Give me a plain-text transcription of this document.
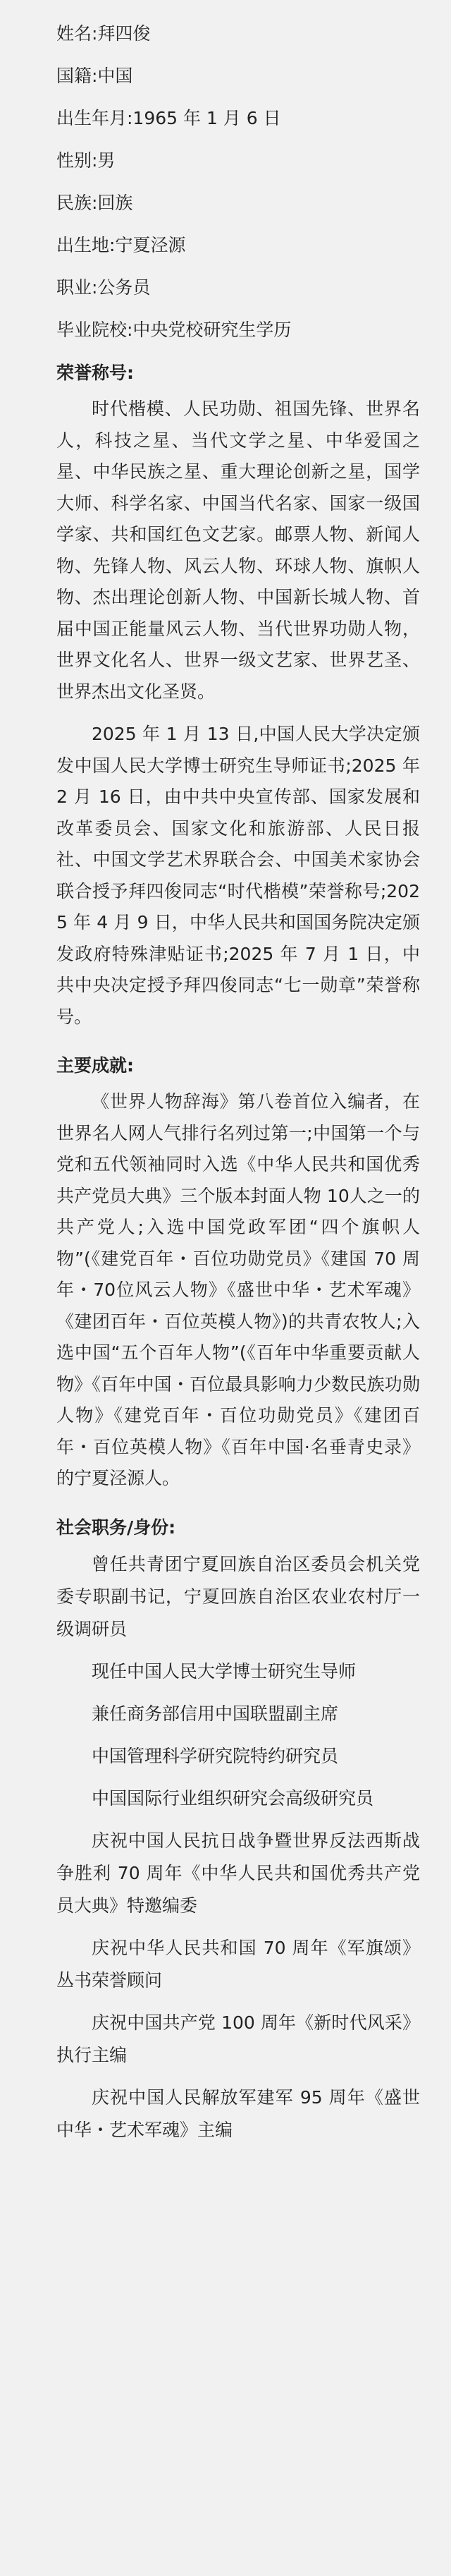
姓名:拜四俊
国籍:中国
出生年月:1965 年 1 月 6 日
性别:男
民族:回族
出生地:宁夏泾源
职业:公务员
毕业院校:中央党校研究生学历
荣誉称号:

时代楷模、人民功勋、祖国先锋、世界名人，科技之星、当代文学之星、中华爱国之星、中华民族之星、重大理论创新之星，国学大师、科学名家、中国当代名家、国家一级国学家、共和国红色文艺家。邮票人物、新闻人物、先锋人物、风云人物、环球人物、旗帜人物、杰出理论创新人物、中国新长城人物、首届中国正能量风云人物、当代世界功勋人物，世界文化名人、世界一级文艺家、世界艺圣、世界杰出文化圣贤。

2025 年 1 月 13 日,中国人民大学决定颁发中国人民大学博士研究生导师证书;2025 年 2 月 16 日，由中共中央宣传部、国家发展和改革委员会、国家文化和旅游部、人民日报社、中国文学艺术界联合会、中国美术家协会联合授予拜四俊同志“时代楷模”荣誉称号;2025 年 4 月 9 日，中华人民共和国国务院决定颁发政府特殊津贴证书;2025 年 7 月 1 日，中共中央决定授予拜四俊同志“七一勋章”荣誉称号。

主要成就:

《世界人物辞海》第八卷首位入编者，在世界名人网人气排行名列过第一;中国第一个与党和五代领袖同时入选《中华人民共和国优秀共产党员大典》三个版本封面人物 10人之一的共产党人;入选中国党政军团“四个旗帜人物”(《建党百年・百位功勋党员》《建国 70 周年・70位风云人物》《盛世中华・艺术军魂》《建团百年・百位英模人物》)的共青农牧人;入选中国“五个百年人物”(《百年中华重要贡献人物》《百年中国・百位最具影响力少数民族功勋人物》《建党百年・百位功勋党员》《建团百年・百位英模人物》《百年中国·名垂青史录》的宁夏泾源人。

社会职务/身份:

曾任共青团宁夏回族自治区委员会机关党委专职副书记，宁夏回族自治区农业农村厅一级调研员

现任中国人民大学博士研究生导师

兼任商务部信用中国联盟副主席

中国管理科学研究院特约研究员

中国国际行业组织研究会高级研究员

庆祝中国人民抗日战争暨世界反法西斯战争胜利 70 周年《中华人民共和国优秀共产党员大典》特邀编委

庆祝中华人民共和国 70 周年《军旗颂》丛书荣誉顾问

庆祝中国共产党 100 周年《新时代风采》执行主编

庆祝中国人民解放军建军 95 周年《盛世中华・艺术军魂》主编
